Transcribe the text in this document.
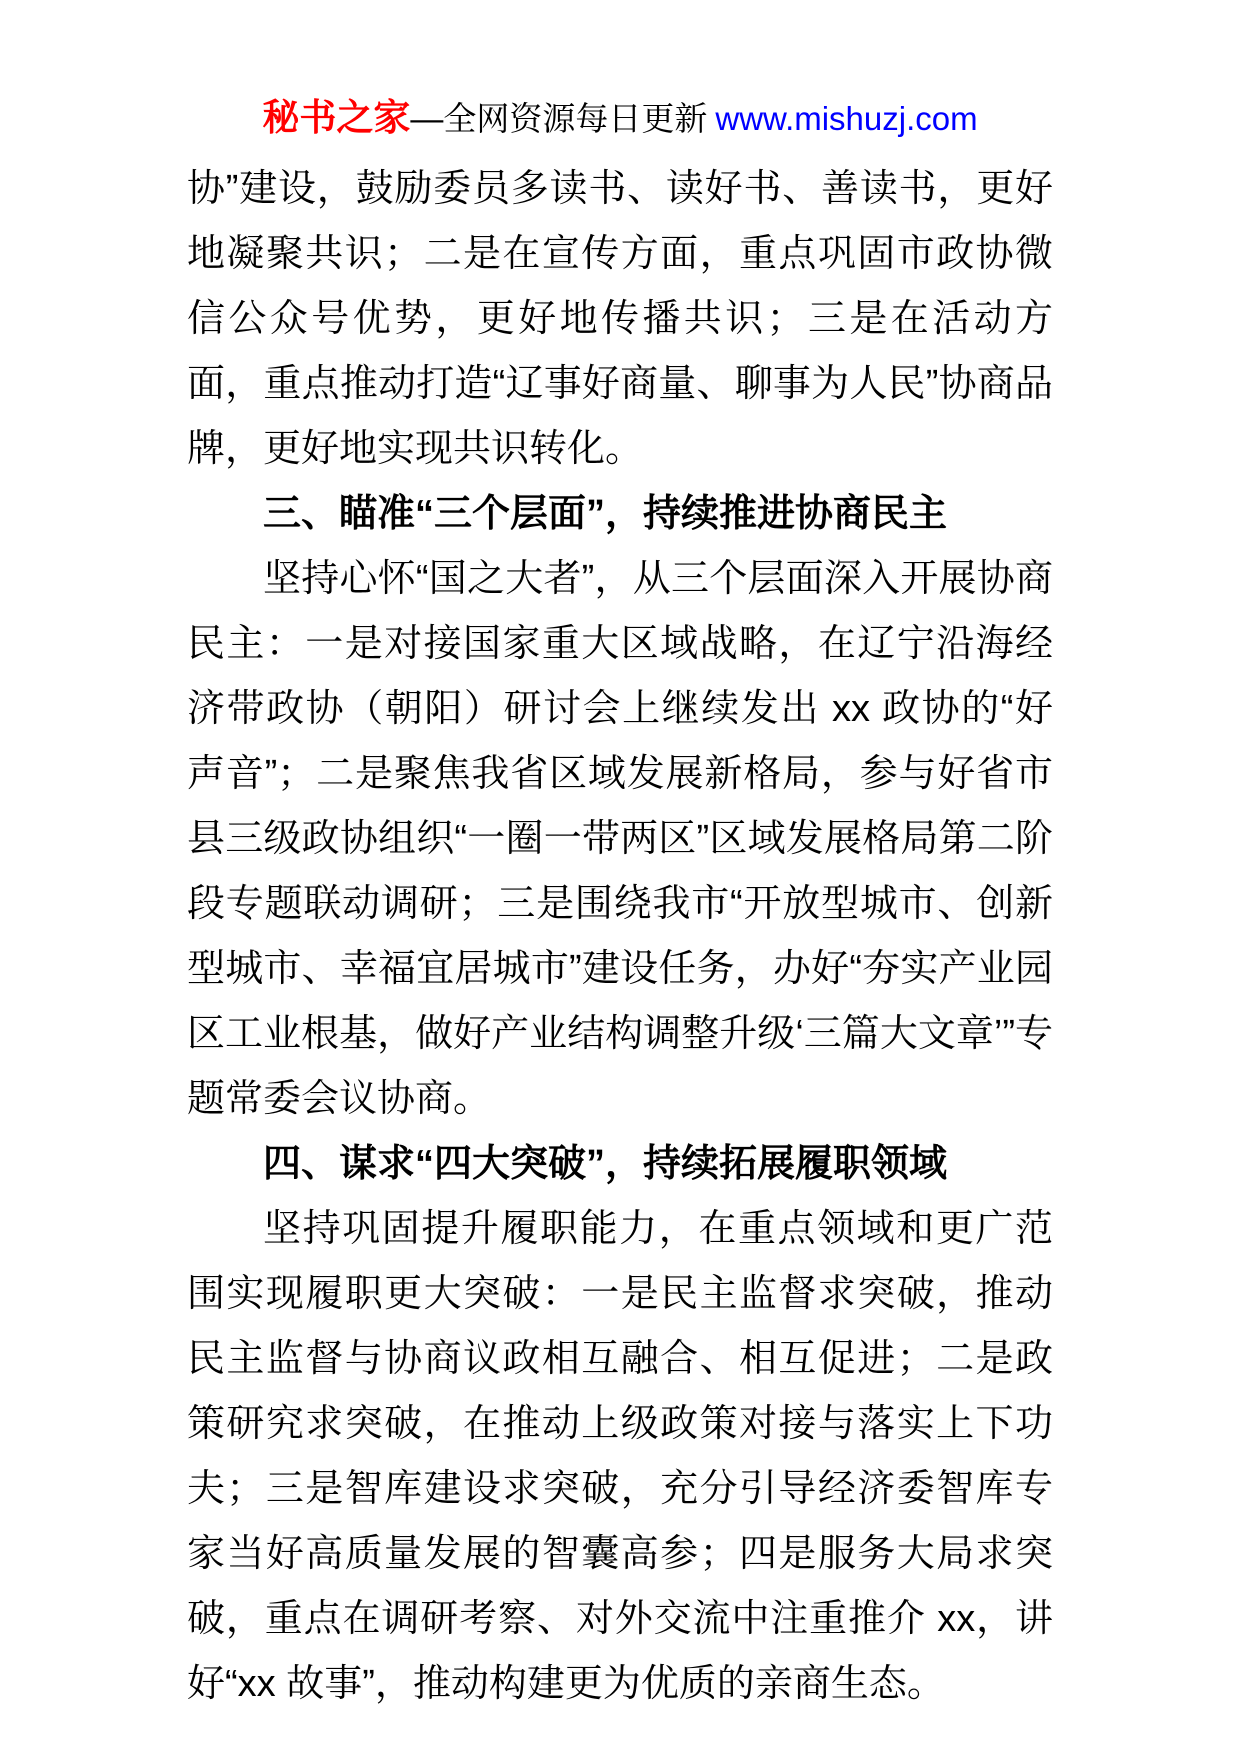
秘书之家—全网资源每日更新 www.mishuzj.com

协”建设，鼓励委员多读书、读好书、善读书，更好地凝聚共识；二是在宣传方面，重点巩固市政协微信公众号优势，更好地传播共识；三是在活动方面，重点推动打造“辽事好商量、聊事为人民”协商品牌，更好地实现共识转化。

三、瞄准“三个层面”，持续推进协商民主

坚持心怀“国之大者”，从三个层面深入开展协商民主：一是对接国家重大区域战略，在辽宁沿海经济带政协（朝阳）研讨会上继续发出 xx 政协的“好声音”；二是聚焦我省区域发展新格局，参与好省市县三级政协组织“一圈一带两区”区域发展格局第二阶段专题联动调研；三是围绕我市“开放型城市、创新型城市、幸福宜居城市”建设任务，办好“夯实产业园区工业根基，做好产业结构调整升级‘三篇大文章’”专题常委会议协商。

四、谋求“四大突破”，持续拓展履职领域

坚持巩固提升履职能力，在重点领域和更广范围实现履职更大突破：一是民主监督求突破，推动民主监督与协商议政相互融合、相互促进；二是政策研究求突破，在推动上级政策对接与落实上下功夫；三是智库建设求突破，充分引导经济委智库专家当好高质量发展的智囊高参；四是服务大局求突破，重点在调研考察、对外交流中注重推介 xx，讲好“xx 故事”，推动构建更为优质的亲商生态。
